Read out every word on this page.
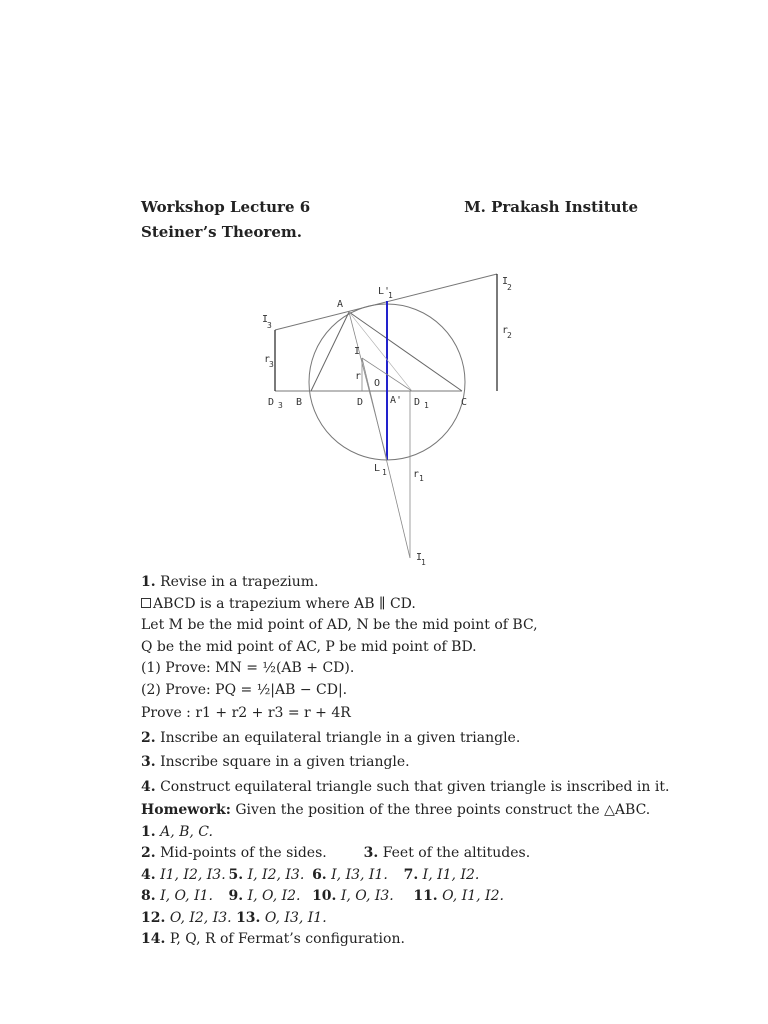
Workshop Lecture 6	M. Prakash Institute
Steiner’s Theorem.
A
B	C
D	D 1
D 3	A'
O
I
r
L'
1
L 1	r 1
I
1
I
2
r
2
I
3
r
3
1. Revise in a trapezium.
ABCD is a trapezium where AB ∥ CD.
Let M be the mid point of AD, N be the mid point of BC,
Q be the mid point of AC, P be mid point of BD.
(1) Prove: MN = ½(AB + CD).
(2) Prove: PQ = ½|AB − CD|.
Prove : r1 + r2 + r3 = r + 4R
2. Inscribe an equilateral triangle in a given triangle.
3. Inscribe square in a given triangle.
4. Construct equilateral triangle such that given triangle is inscribed in it.
Homework: Given the position of the three points construct the △ABC.
1. A, B, C.
2. Mid-points of the sides.	3. Feet of the altitudes.
4. I1, I2, I3. 5. I, I2, I3. 6. I, I3, I1. 7. I, I1, I2.
8. I, O, I1. 9. I, O, I2. 10. I, O, I3. 11. O, I1, I2.
12. O, I2, I3. 13. O, I3, I1.
14. P, Q, R of Fermat’s configuration.
